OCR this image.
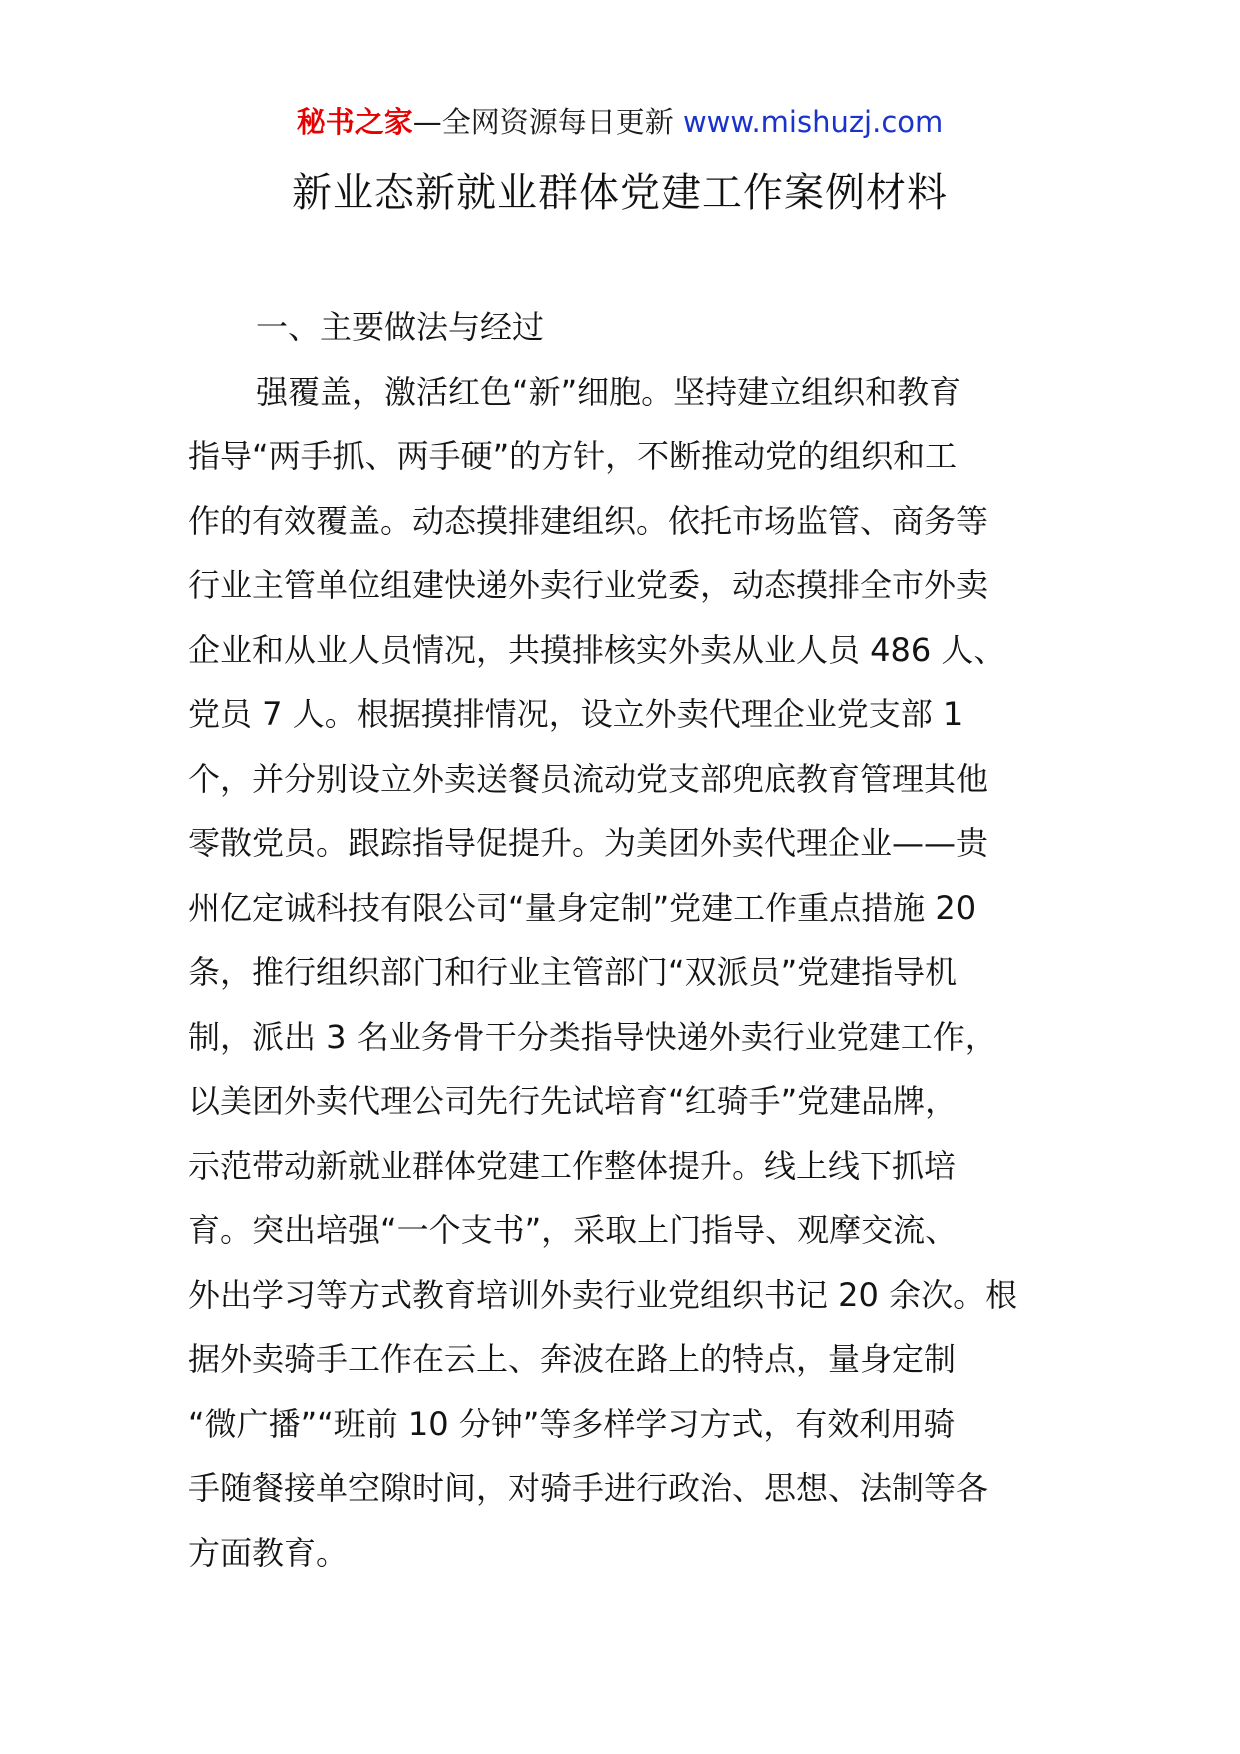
秘书之家—全网资源每日更新 www.mishuzj.com
新业态新就业群体党建工作案例材料
一、主要做法与经过
强覆盖，激活红色“新”细胞。坚持建立组织和教育
指导“两手抓、两手硬”的方针，不断推动党的组织和工
作的有效覆盖。动态摸排建组织。依托市场监管、商务等
行业主管单位组建快递外卖行业党委，动态摸排全市外卖
企业和从业人员情况，共摸排核实外卖从业人员 486 人、
党员 7 人。根据摸排情况，设立外卖代理企业党支部 1
个，并分别设立外卖送餐员流动党支部兜底教育管理其他
零散党员。跟踪指导促提升。为美团外卖代理企业——贵
州亿定诚科技有限公司“量身定制”党建工作重点措施 20
条，推行组织部门和行业主管部门“双派员”党建指导机
制，派出 3 名业务骨干分类指导快递外卖行业党建工作，
以美团外卖代理公司先行先试培育“红骑手”党建品牌，
示范带动新就业群体党建工作整体提升。线上线下抓培
育。突出培强“一个支书”，采取上门指导、观摩交流、
外出学习等方式教育培训外卖行业党组织书记 20 余次。根
据外卖骑手工作在云上、奔波在路上的特点，量身定制
“微广播”“班前 10 分钟”等多样学习方式，有效利用骑
手随餐接单空隙时间，对骑手进行政治、思想、法制等各
方面教育。
